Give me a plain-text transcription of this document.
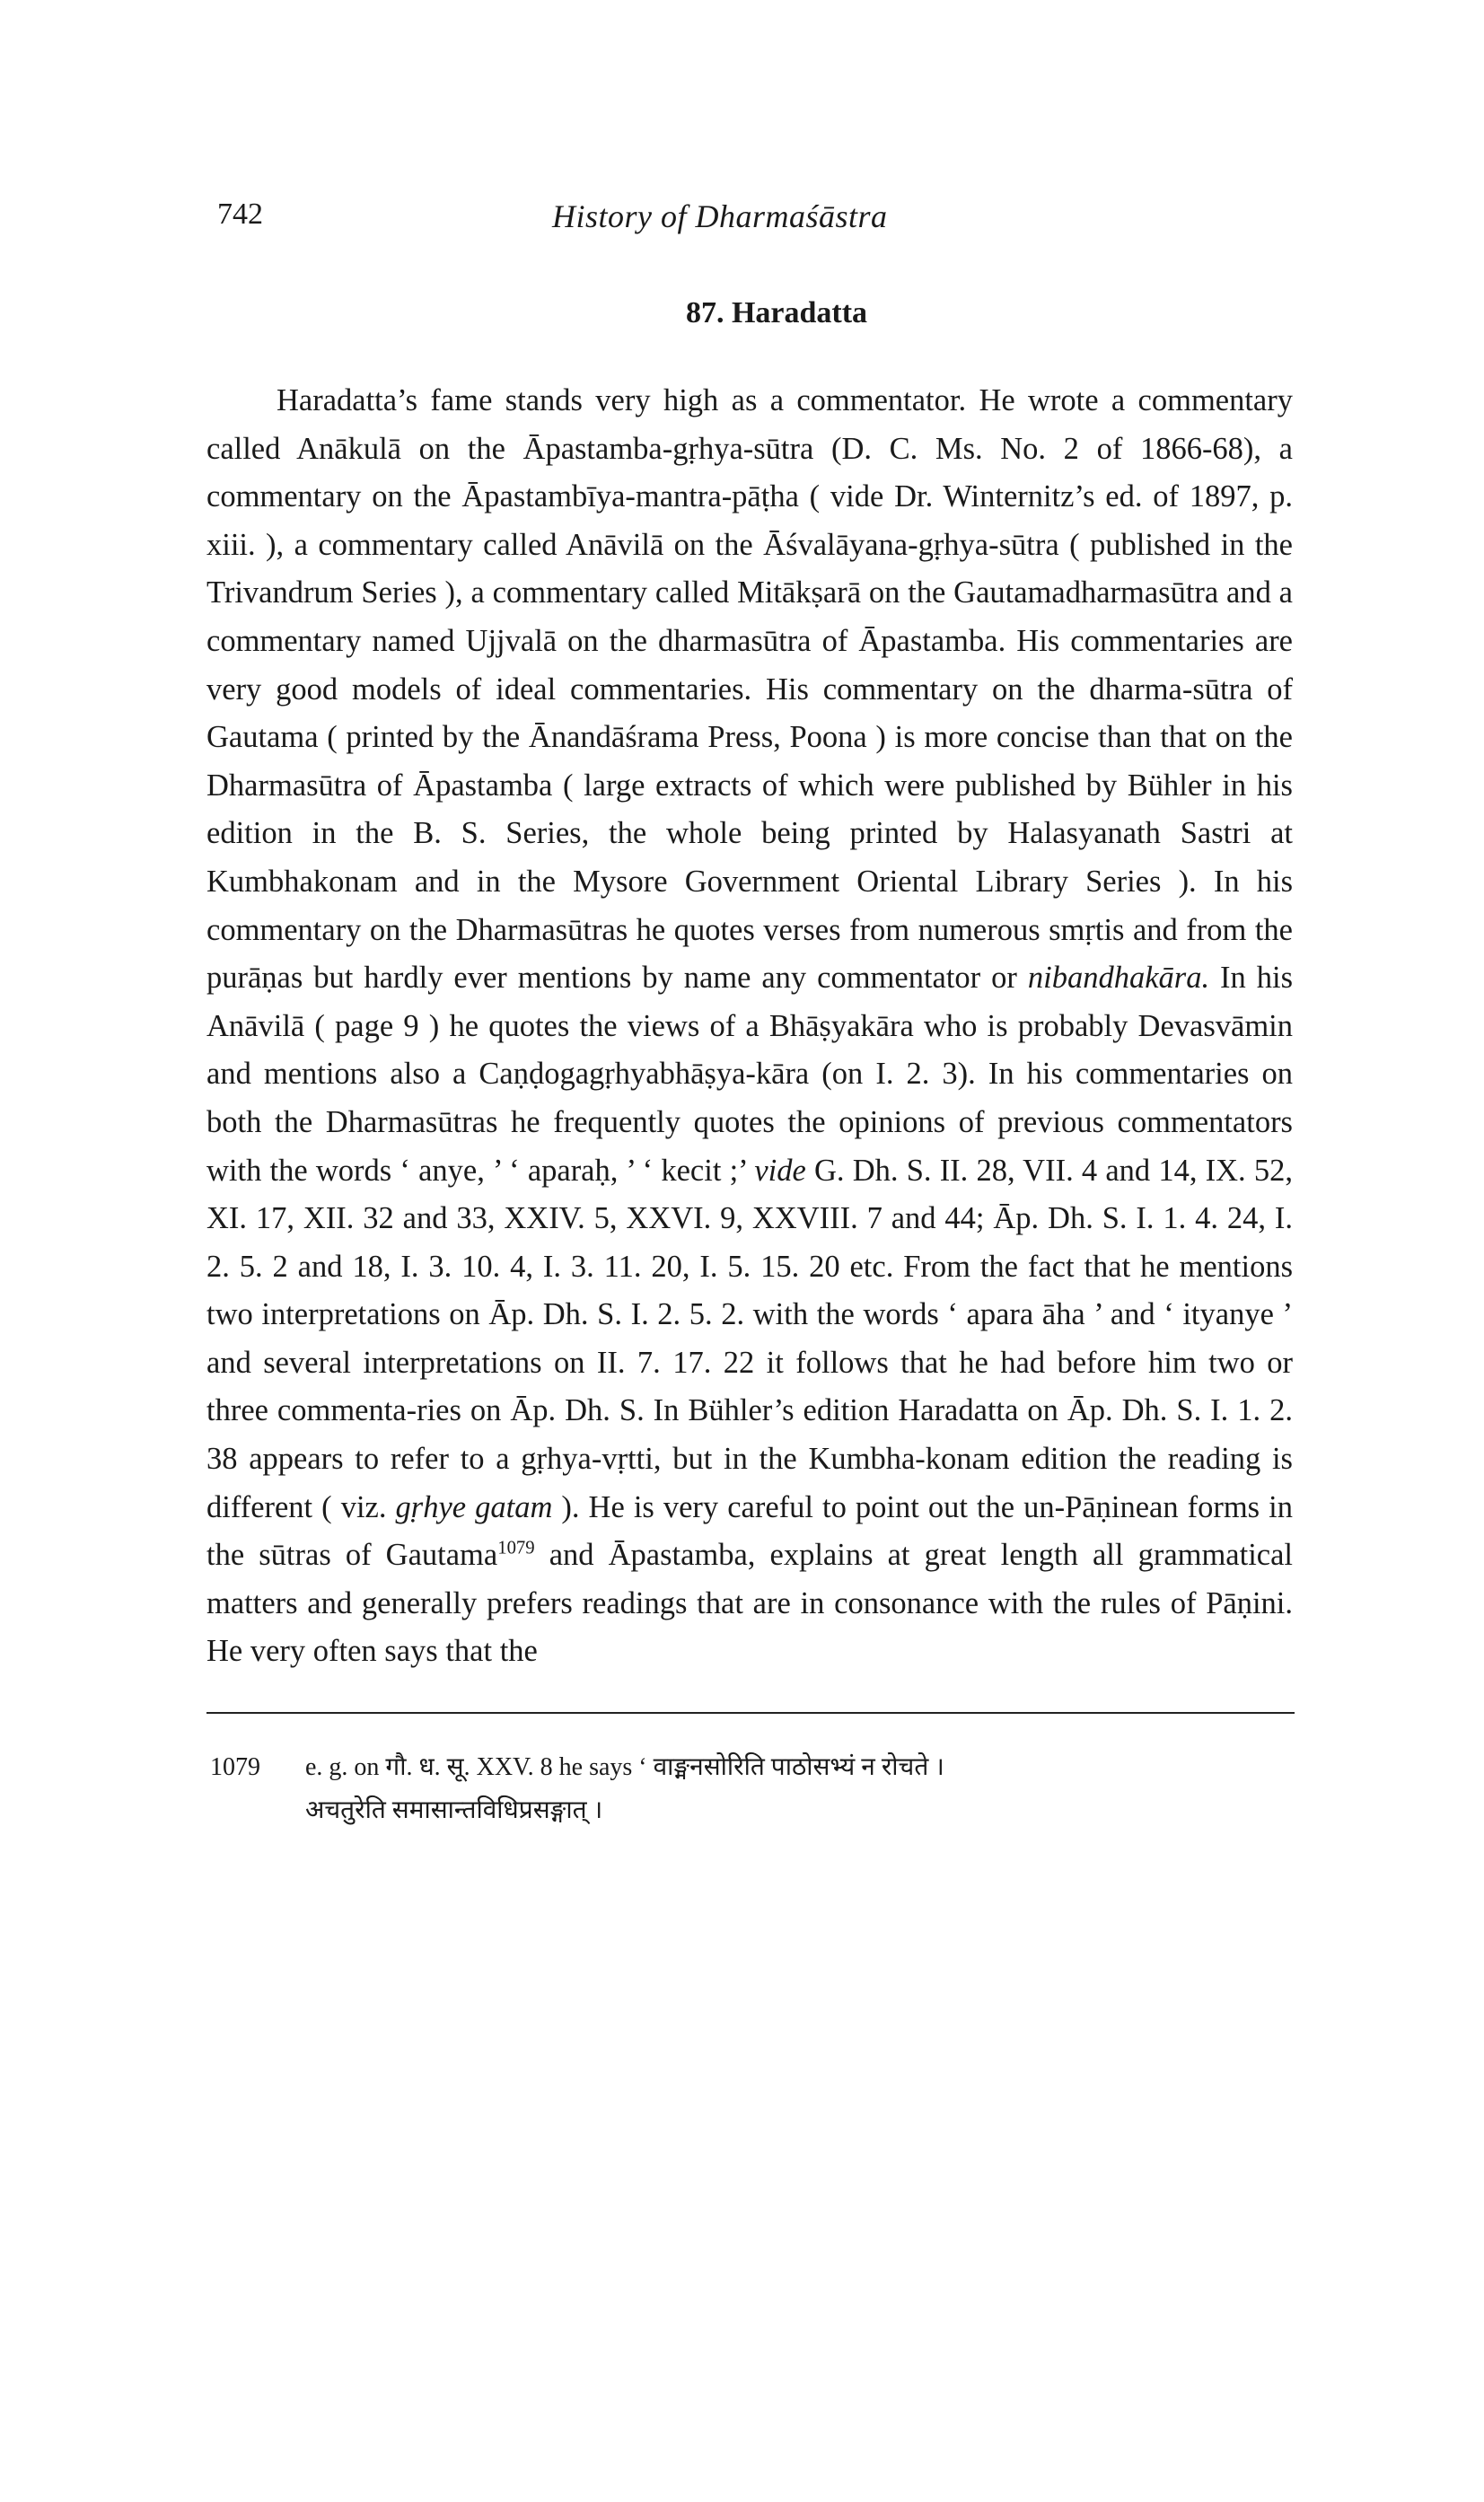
742	History of Dharmaśāstra
87. Haradatta

Haradatta’s fame stands very high as a commentator. He wrote a commentary called Anākulā on the Āpastamba-gṛhya-sūtra (D. C. Ms. No. 2 of 1866-68), a commentary on the Āpastambīya-mantra-pāṭha ( vide Dr. Winternitz’s ed. of 1897, p. xiii. ), a commentary called Anāvilā on the Āśvalāyana-gṛhya-sūtra ( published in the Trivandrum Series ), a commentary called Mitākṣarā on the Gautamadharmasūtra and a commentary named Ujjvalā on the dharmasūtra of Āpastamba. His commentaries are very good models of ideal commentaries. His commentary on the dharma-sūtra of Gautama ( printed by the Ānandāśrama Press, Poona ) is more concise than that on the Dharmasūtra of Āpastamba ( large extracts of which were published by Bühler in his edition in the B. S. Series, the whole being printed by Halasyanath Sastri at Kumbhakonam and in the Mysore Government Oriental Library Series ). In his commentary on the Dharmasūtras he quotes verses from numerous smṛtis and from the purāṇas but hardly ever mentions by name any commentator or nibandhakāra. In his Anāvilā ( page 9 ) he quotes the views of a Bhāṣyakāra who is probably Devasvāmin and mentions also a Caṇḍogagṛhyabhāṣya-kāra (on I. 2. 3). In his commentaries on both the Dharmasūtras he frequently quotes the opinions of previous commentators with the words ‘ anye, ’ ‘ aparaḥ, ’ ‘ kecit ;’ vide G. Dh. S. II. 28, VII. 4 and 14, IX. 52, XI. 17, XII. 32 and 33, XXIV. 5, XXVI. 9, XXVIII. 7 and 44; Āp. Dh. S. I. 1. 4. 24, I. 2. 5. 2 and 18, I. 3. 10. 4, I. 3. 11. 20, I. 5. 15. 20 etc. From the fact that he mentions two interpretations on Āp. Dh. S. I. 2. 5. 2. with the words ‘ apara āha ’ and ‘ ityanye ’ and several interpretations on II. 7. 17. 22 it follows that he had before him two or three commenta-ries on Āp. Dh. S. In Bühler’s edition Haradatta on Āp. Dh. S. I. 1. 2. 38 appears to refer to a gṛhya-vṛtti, but in the Kumbha-konam edition the reading is different ( viz. gṛhye gatam ). He is very careful to point out the un-Pāṇinean forms in the sūtras of Gautama$^{1079}$ and Āpastamba, explains at great length all grammatical matters and generally prefers readings that are in consonance with the rules of Pāṇini. He very often says that the

1079 e. g. on गौ. ध. सू. XXV. 8 he says ‘ वाङ्मनसोरिति पाठोसभ्यं न रोचते ।
अचतुरेति समासान्तविधिप्रसङ्गात् ।
